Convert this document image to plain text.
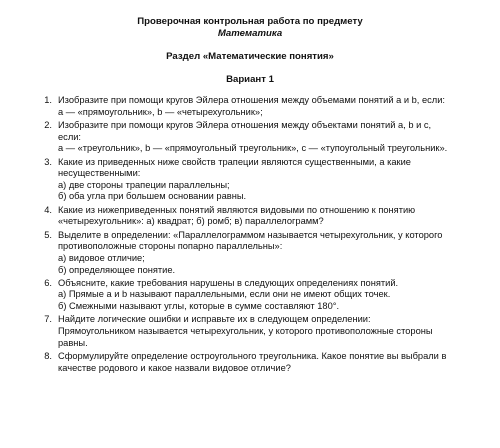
Проверочная контрольная работа по предмету
Математика
Раздел «Математические понятия»
Вариант 1
1. Изобразите при помощи кругов Эйлера отношения между объемами понятий a и b, если:
a — «прямоугольник», b — «четырехугольник»;
2. Изобразите при помощи кругов Эйлера отношения между объектами понятий a, b и c,
если:
a — «треугольник», b — «прямоугольный треугольник», c — «тупоугольный треугольник».
3. Какие из приведенных ниже свойств трапеции являются существенными, а какие
несущественными:
а) две стороны трапеции параллельны;
б) оба угла при большем основании равны.
4. Какие из нижеприведенных понятий являются видовыми по отношению к понятию
«четырехугольник»: а) квадрат; б) ромб; в) параллелограмм?
5. Выделите в определении: «Параллелограммом называется четырехугольник, у которого
противоположные стороны попарно параллельны»:
а) видовое отличие;
б) определяющее понятие.
6. Объясните, какие требования нарушены в следующих определениях понятий.
а) Прямые a и b называют параллельными, если они не имеют общих точек.
б) Смежными называют углы, которые в сумме составляют 180°.
7. Найдите логические ошибки и исправьте их в следующем определении:
Прямоугольником называется четырехугольник, у которого противоположные стороны
равны.
8. Сформулируйте определение остроугольного треугольника. Какое понятие вы выбрали в
качестве родового и какое назвали видовое отличие?
